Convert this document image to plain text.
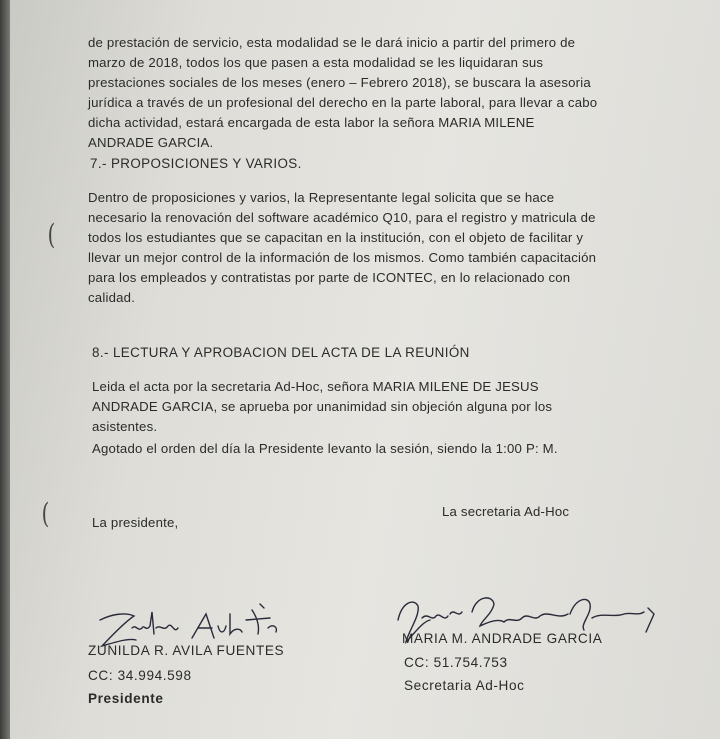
de prestación de servicio, esta modalidad se le dará inicio a partir del primero de
marzo de 2018, todos los que pasen a esta modalidad se les liquidaran sus
prestaciones sociales de los meses (enero – Febrero 2018), se buscara la asesoria
jurídica a través de un profesional del derecho en la parte laboral, para llevar a cabo
dicha actividad, estará encargada de esta labor la señora MARIA MILENE
ANDRADE GARCIA.
7.- PROPOSICIONES Y VARIOS.
Dentro de proposiciones y varios, la Representante legal solicita que se hace
necesario la renovación del software académico Q10, para el registro y matricula de
todos los estudiantes que se capacitan en la institución, con el objeto de facilitar y
llevar un mejor control de la información de los mismos. Como también capacitación
para los empleados y contratistas por parte de ICONTEC, en lo relacionado con
calidad.
(
8.- LECTURA Y APROBACION DEL ACTA DE LA REUNIÓN
Leida el acta por la secretaria Ad-Hoc, señora MARIA MILENE DE JESUS
ANDRADE GARCIA, se aprueba por unanimidad sin objeción alguna por los
asistentes.
Agotado el orden del día la Presidente levanto la sesión, siendo la 1:00 P: M.
(	La presidente,
La secretaria Ad-Hoc
ZUNILDA R. AVILA FUENTES
CC: 34.994.598
Presidente
MARIA M. ANDRADE GARCIA
CC: 51.754.753
Secretaria Ad-Hoc
